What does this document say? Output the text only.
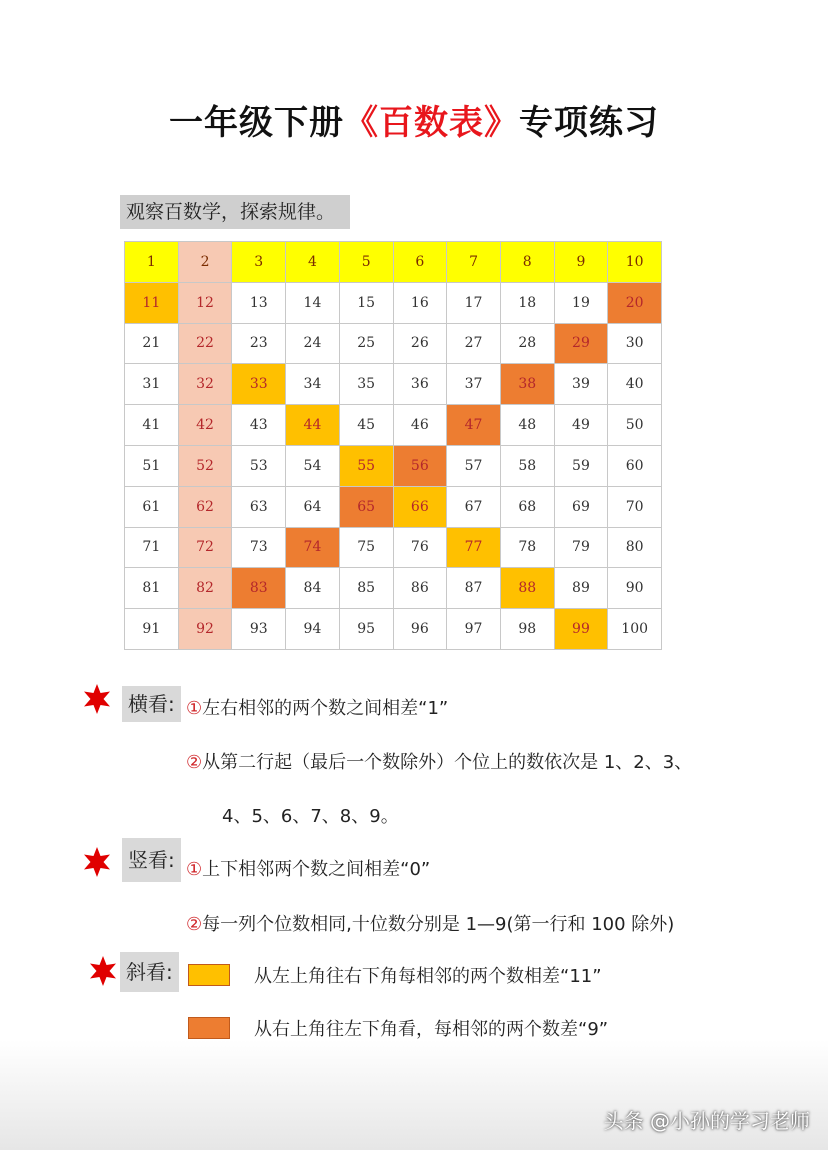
一年级下册《百数表》专项练习
观察百数学，探索规律。
1	2	3	4	5	6	7	8	9	10
11	12	13	14	15	16	17	18	19	20
21	22	23	24	25	26	27	28	29	30
31	32	33	34	35	36	37	38	39	40
41	42	43	44	45	46	47	48	49	50
51	52	53	54	55	56	57	58	59	60
61	62	63	64	65	66	67	68	69	70
71	72	73	74	75	76	77	78	79	80
81	82	83	84	85	86	87	88	89	90
91	92	93	94	95	96	97	98	99	100
横看: ①左右相邻的两个数之间相差“1”
②从第二行起（最后一个数除外）个位上的数依次是 1、2、3、
4、5、6、7、8、9。
竖看: ①上下相邻两个数之间相差“0”
②每一列个位数相同,十位数分别是 1—9(第一行和 100 除外)
斜看:	从左上角往右下角每相邻的两个数相差“11”
从右上角往左下角看，每相邻的两个数差“9”
头条 @小孙的学习老师
